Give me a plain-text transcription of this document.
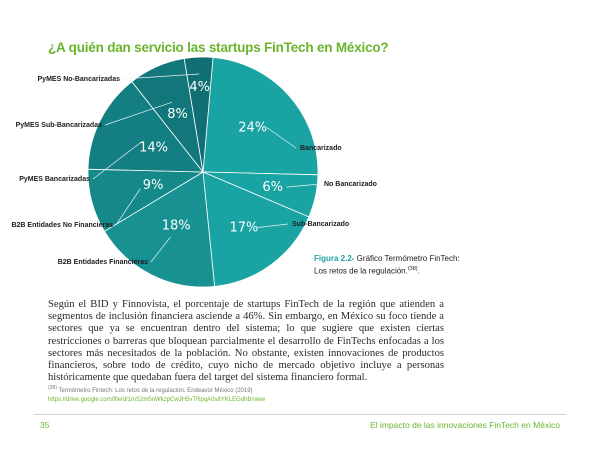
¿A quién dan servicio las startups FinTech en México?
24%
Bancarizado
6%	No Bancarizado
17%	Sub-Bancarizado
18%
B2B Entidades Financieras
9%
B2B Entidades No Financieras
14%
PyMES Bancarizadas
8%
PyMES Sub-Bancarizadas
4%
PyMES No-Bancarizadas
Figura 2.2- Gráfico Termómetro FinTech: Los retos de la regulación.$^{(38)}$.

Según el BID y Finnovista, el porcentaje de startups FinTech de la región que atienden a segmentos de inclusión financiera asciende a 46%. Sin embargo, en México su foco tiende a sectores que ya se encuentran dentro del sistema; lo que sugiere que existen ciertas restricciones o barreras que bloquean parcialmente el desarrollo de FinTechs enfocadas a los sectores más necesitados de la población. No obstante, existen innovaciones de productos financieros, sobre todo de crédito, cuyo nicho de mercado objetivo incluye a personas históricamente que quedaban fuera del target del sistema financiero formal.

$^{(38)}$ Termómetro Fintech: Los retos de la regulación. Endeavor México (2019)
https://drive.google.com/file/d/1mS2m5nWkzpCwJH5vTRpqA0s8YKLEGdhB/view
35	El impacto de las innovaciones FinTech en México
